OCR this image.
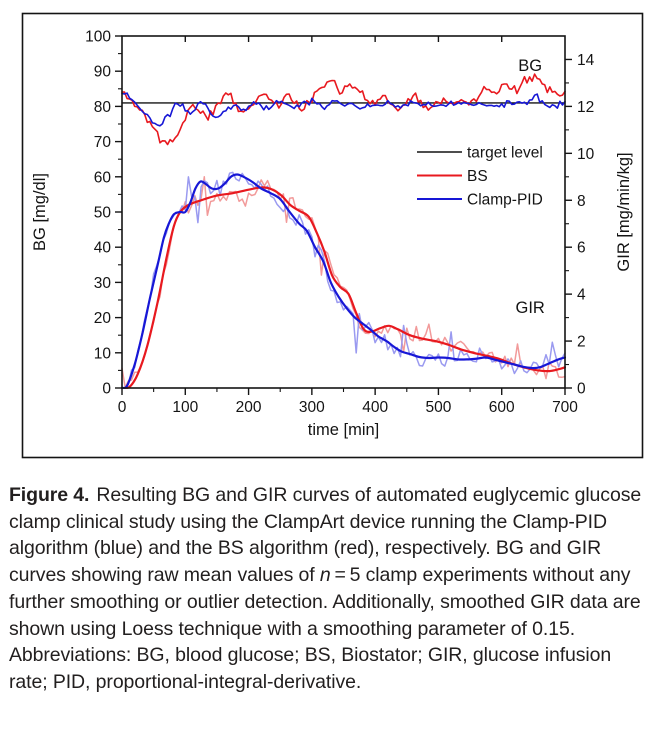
0	100 200 300 400 500 600 700
time [min]
0
10
20
30
40
50
60
70
80
90
100
BG [mg/dl]
0
2
4
6
8
10
12
14
GIR [mg/min/kg]
BG
GIR
target level
BS
Clamp-PID
Figure 4. Resulting BG and GIR curves of automated euglycemic glucose clamp clinical study using the ClampArt device running the Clamp-PID algorithm (blue) and the BS algorithm (red), respectively. BG and GIR curves showing raw mean values of n = 5 clamp experiments without any further smoothing or outlier detection. Additionally, smoothed GIR data are shown using Loess technique with a smoothing parameter of 0.15. Abbreviations: BG, blood glucose; BS, Biostator; GIR, glucose infusion rate; PID, proportional-integral-derivative.
